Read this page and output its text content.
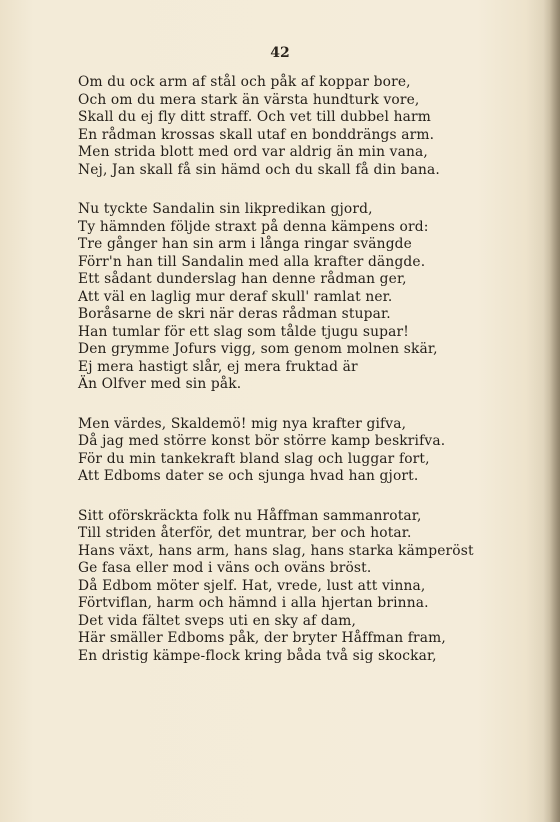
42
Om du ock arm af stål och påk af koppar bore,
Och om du mera stark än värsta hundturk vore,
Skall du ej fly ditt straff. Och vet till dubbel harm
En rådman krossas skall utaf en bonddrängs arm.
Men strida blott med ord var aldrig än min vana,
Nej, Jan skall få sin hämd och du skall få din bana.
Nu tyckte Sandalin sin likpredikan gjord,
Ty hämnden följde straxt på denna kämpens ord:
Tre gånger han sin arm i långa ringar svängde
Förr'n han till Sandalin med alla krafter dängde.
Ett sådant dunderslag han denne rådman ger,
Att väl en laglig mur deraf skull' ramlat ner.
Boråsarne de skri när deras rådman stupar.
Han tumlar för ett slag som tålde tjugu supar!
Den grymme Jofurs vigg, som genom molnen skär,
Ej mera hastigt slår, ej mera fruktad är
Än Olfver med sin påk.
Men värdes, Skaldemö! mig nya krafter gifva,
Då jag med större konst bör större kamp beskrifva.
För du min tankekraft bland slag och luggar fort,
Att Edboms dater se och sjunga hvad han gjort.
Sitt oförskräckta folk nu Håffman sammanrotar,
Till striden återför, det muntrar, ber och hotar.
Hans växt, hans arm, hans slag, hans starka kämperöst
Ge fasa eller mod i väns och oväns bröst.
Då Edbom möter sjelf. Hat, vrede, lust att vinna,
Förtviflan, harm och hämnd i alla hjertan brinna.
Det vida fältet sveps uti en sky af dam,
Här smäller Edboms påk, der bryter Håffman fram,
En dristig kämpe-flock kring båda två sig skockar,
